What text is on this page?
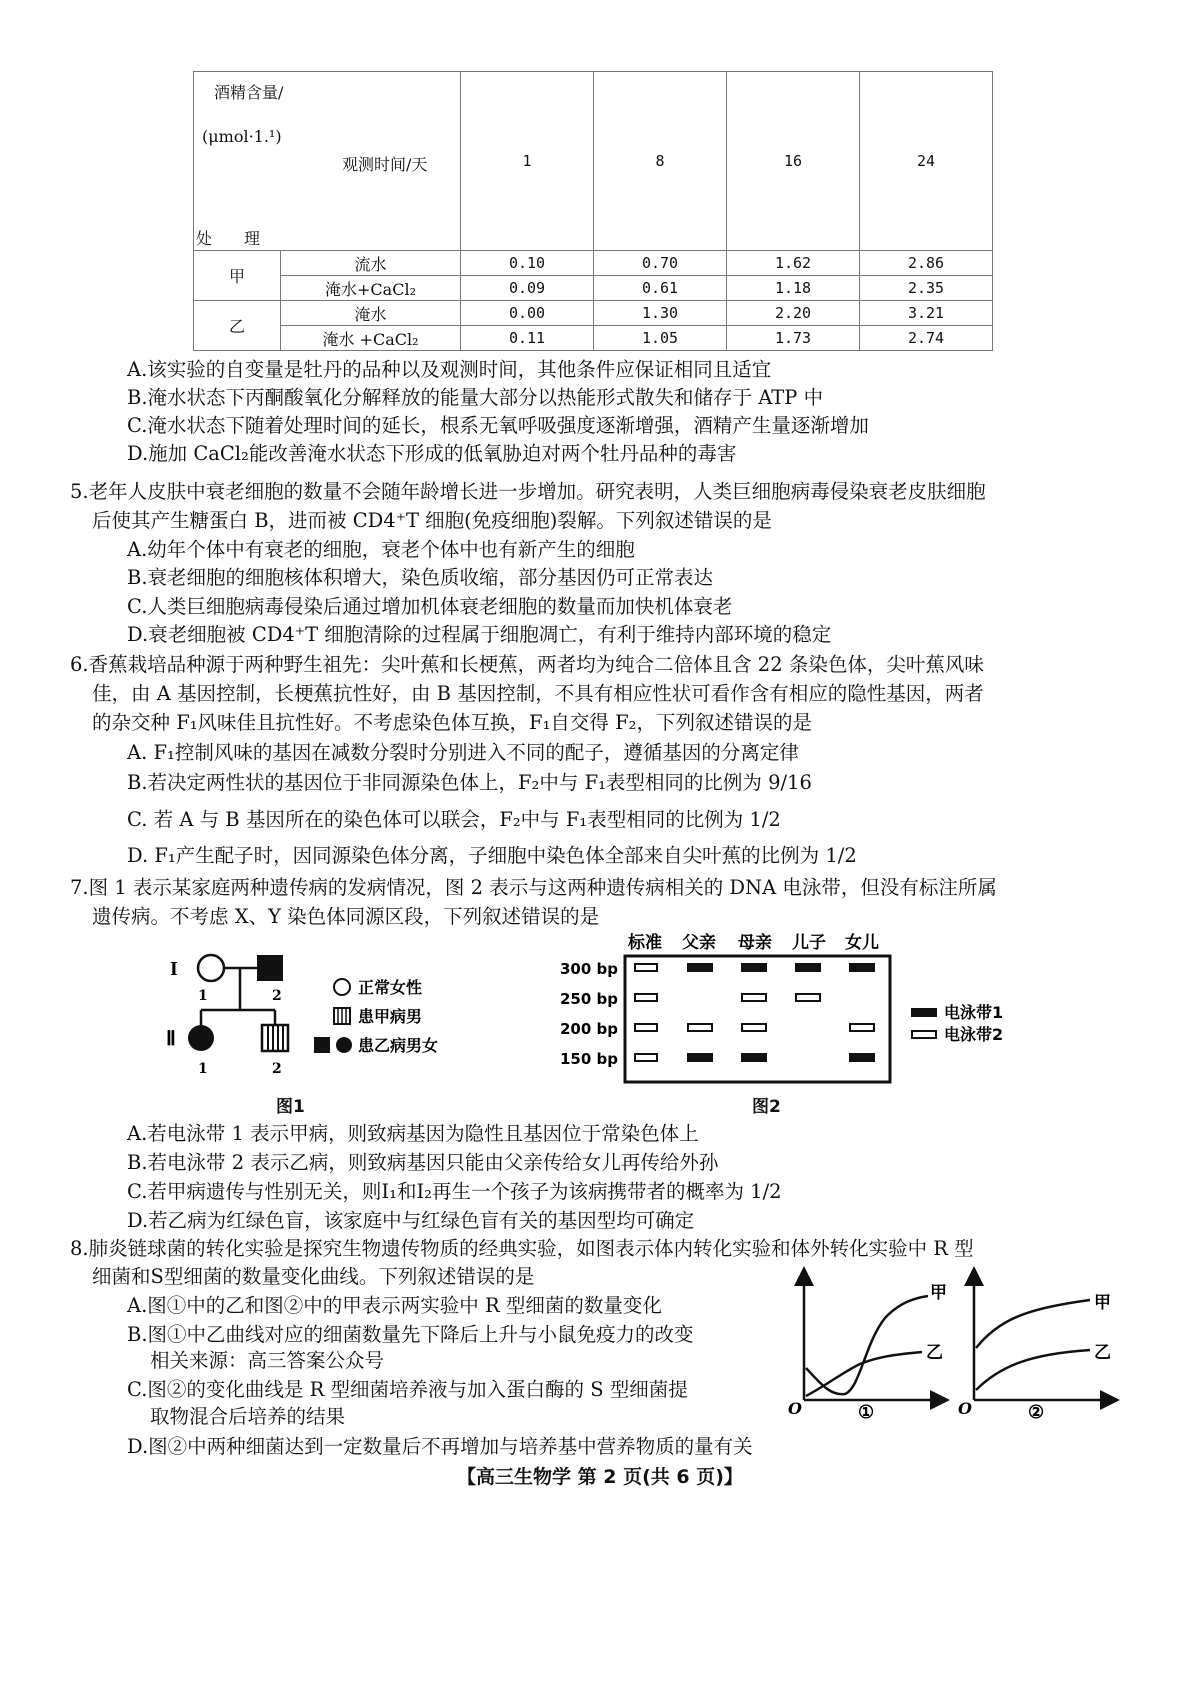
酒精含量/
(μmol·1.¹)
观测时间/天
处　　理		1	8	16	24
甲	流水	0.10	0.70	1.62	2.86
	淹水+CaCl₂	0.09	0.61	1.18	2.35
乙	淹水	0.00	1.30	2.20	3.21
	淹水 +CaCl₂	0.11	1.05	1.73	2.74
A.该实验的自变量是牡丹的品种以及观测时间，其他条件应保证相同且适宜
B.淹水状态下丙酮酸氧化分解释放的能量大部分以热能形式散失和储存于 ATP 中
C.淹水状态下随着处理时间的延长，根系无氧呼吸强度逐渐增强，酒精产生量逐渐增加
D.施加 CaCl₂能改善淹水状态下形成的低氧胁迫对两个牡丹品种的毒害
5.老年人皮肤中衰老细胞的数量不会随年龄增长进一步增加。研究表明，人类巨细胞病毒侵染衰老皮肤细胞
后使其产生糖蛋白 B，进而被 CD4⁺T 细胞(免疫细胞)裂解。下列叙述错误的是
A.幼年个体中有衰老的细胞，衰老个体中也有新产生的细胞
B.衰老细胞的细胞核体积增大，染色质收缩，部分基因仍可正常表达
C.人类巨细胞病毒侵染后通过增加机体衰老细胞的数量而加快机体衰老
D.衰老细胞被 CD4⁺T 细胞清除的过程属于细胞凋亡，有利于维持内部环境的稳定
6.香蕉栽培品种源于两种野生祖先：尖叶蕉和长梗蕉，两者均为纯合二倍体且含 22 条染色体，尖叶蕉风味
佳，由 A 基因控制，长梗蕉抗性好，由 B 基因控制，不具有相应性状可看作含有相应的隐性基因，两者
的杂交种 F₁风味佳且抗性好。不考虑染色体互换，F₁自交得 F₂，下列叙述错误的是
A. F₁控制风味的基因在减数分裂时分别进入不同的配子，遵循基因的分离定律
B.若决定两性状的基因位于非同源染色体上，F₂中与 F₁表型相同的比例为 9/16
C. 若 A 与 B 基因所在的染色体可以联会，F₂中与 F₁表型相同的比例为 1/2
D. F₁产生配子时，因同源染色体分离，子细胞中染色体全部来自尖叶蕉的比例为 1/2
7.图 1 表示某家庭两种遗传病的发病情况，图 2 表示与这两种遗传病相关的 DNA 电泳带，但没有标注所属
遗传病。不考虑 X、Y 染色体同源区段，下列叙述错误的是
I
Ⅱ
1	2
1	2
正常女性
患甲病男
患乙病男女
图1
标准 父亲 母亲 儿子 女儿
300 bp
250 bp
200 bp
150 bp
电泳带1
电泳带2
图2
A.若电泳带 1 表示甲病，则致病基因为隐性且基因位于常染色体上
B.若电泳带 2 表示乙病，则致病基因只能由父亲传给女儿再传给外孙
C.若甲病遗传与性别无关，则Ⅰ₁和Ⅰ₂再生一个孩子为该病携带者的概率为 1/2
D.若乙病为红绿色盲，该家庭中与红绿色盲有关的基因型均可确定
8.肺炎链球菌的转化实验是探究生物遗传物质的经典实验，如图表示体内转化实验和体外转化实验中 R 型
细菌和S型细菌的数量变化曲线。下列叙述错误的是
A.图①中的乙和图②中的甲表示两实验中 R 型细菌的数量变化
B.图①中乙曲线对应的细菌数量先下降后上升与小鼠免疫力的改变
相关来源：高三答案公众号
C.图②的变化曲线是 R 型细菌培养液与加入蛋白酶的 S 型细菌提
取物混合后培养的结果
D.图②中两种细菌达到一定数量后不再增加与培养基中营养物质的量有关
甲
乙
O	①
甲
乙
O	②
【高三生物学 第 2 页(共 6 页)】
